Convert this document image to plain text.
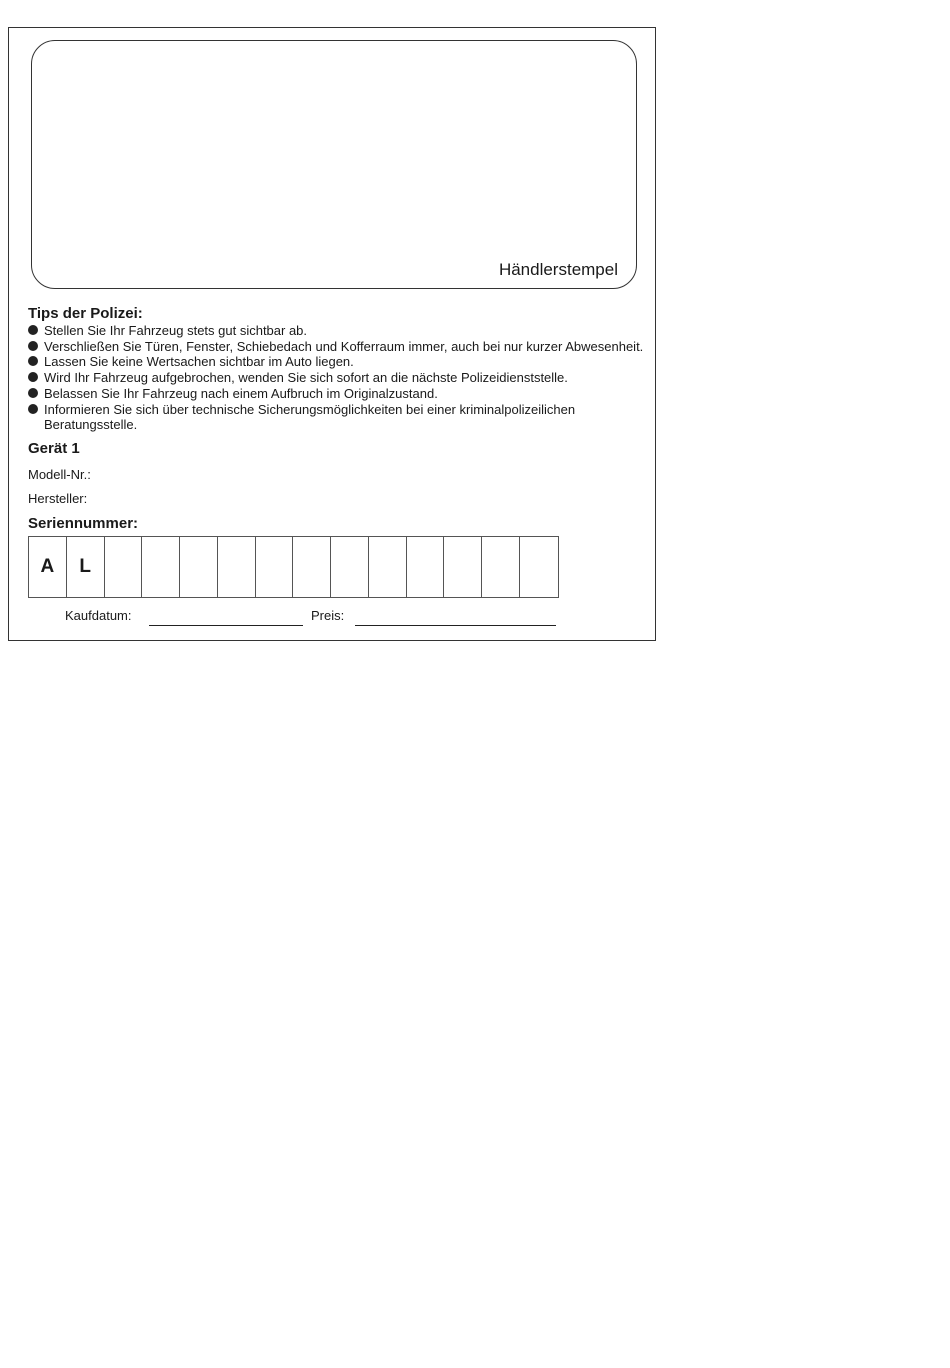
Händlerstempel
Tips der Polizei:
Stellen Sie Ihr Fahrzeug stets gut sichtbar ab.
Verschließen Sie Türen, Fenster, Schiebedach und Kofferraum immer, auch bei nur kurzer Abwesenheit.
Lassen Sie keine Wertsachen sichtbar im Auto liegen.
Wird Ihr Fahrzeug aufgebrochen, wenden Sie sich sofort an die nächste Polizeidienststelle.
Belassen Sie Ihr Fahrzeug nach einem Aufbruch im Originalzustand.
Informieren Sie sich über technische Sicherungsmöglichkeiten bei einer kriminalpolizeilichen Beratungsstelle.
Gerät 1
Modell-Nr.:
Hersteller:
Seriennummer:
A	L
Kaufdatum:	Preis:
